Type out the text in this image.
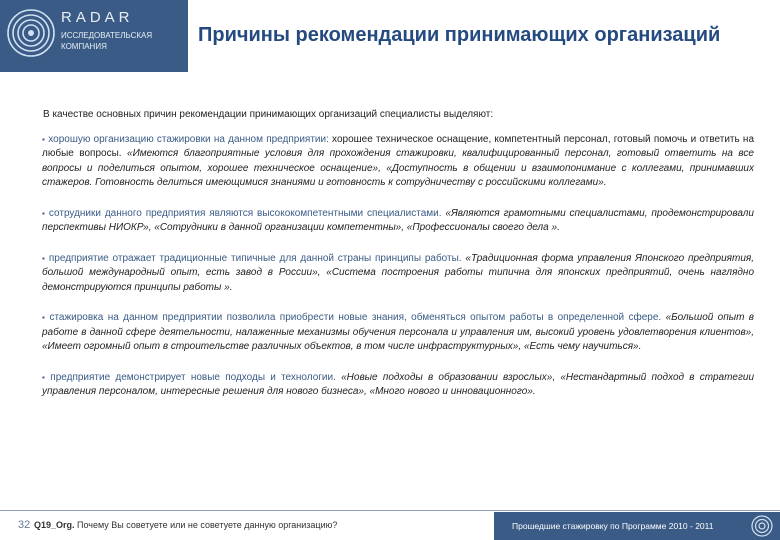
RADAR
ИССЛЕДОВАТЕЛЬСКАЯ КОМПАНИЯ
Причины рекомендации принимающих организаций

В качестве основных причин рекомендации принимающих организаций специалисты выделяют:

▪ хорошую организацию стажировки на данном предприятии: хорошее техническое оснащение, компетентный персонал, готовый помочь и ответить на любые вопросы. «Имеются благоприятные условия для прохождения стажировки, квалифицированный персонал, готовый ответить на все вопросы и поделиться опытом, хорошее техническое оснащение», «Доступность в общении и взаимопонимание с коллегами, принимавших стажеров. Готовность делиться имеющимися знаниями и готовность к сотрудничеству с российскими коллегами».

▪ сотрудники данного предприятия являются высококомпетентными специалистами. «Являются грамотными специалистами, продемонстрировали перспективы НИОКР», «Сотрудники в данной организации компетентны», «Профессионалы своего дела ».

▪ предприятие отражает традиционные типичные для данной страны принципы работы. «Традиционная форма управления Японского предприятия, большой международный опыт, есть завод в России», «Система построения работы типична для японских предприятий, очень наглядно демонстрируются принципы работы ».

▪ стажировка на данном предприятии позволила приобрести новые знания, обменяться опытом работы в определенной сфере. «Большой опыт в работе в данной сфере деятельности, налаженные механизмы обучения персонала и управления им, высокий уровень удовлетворения клиентов», «Имеет огромный опыт в строительстве различных объектов, в том числе инфраструктурных», «Есть чему научиться».

▪ предприятие демонстрирует новые подходы и технологии. «Новые подходы в образовании взрослых», «Нестандартный подход в стратегии управления персоналом, интересные решения для нового бизнеса», «Много нового и инновационного».

32 Q19_Org. Почему Вы советуете или не советуете данную организацию?	Прошедшие стажировку по Программе 2010 - 2011
